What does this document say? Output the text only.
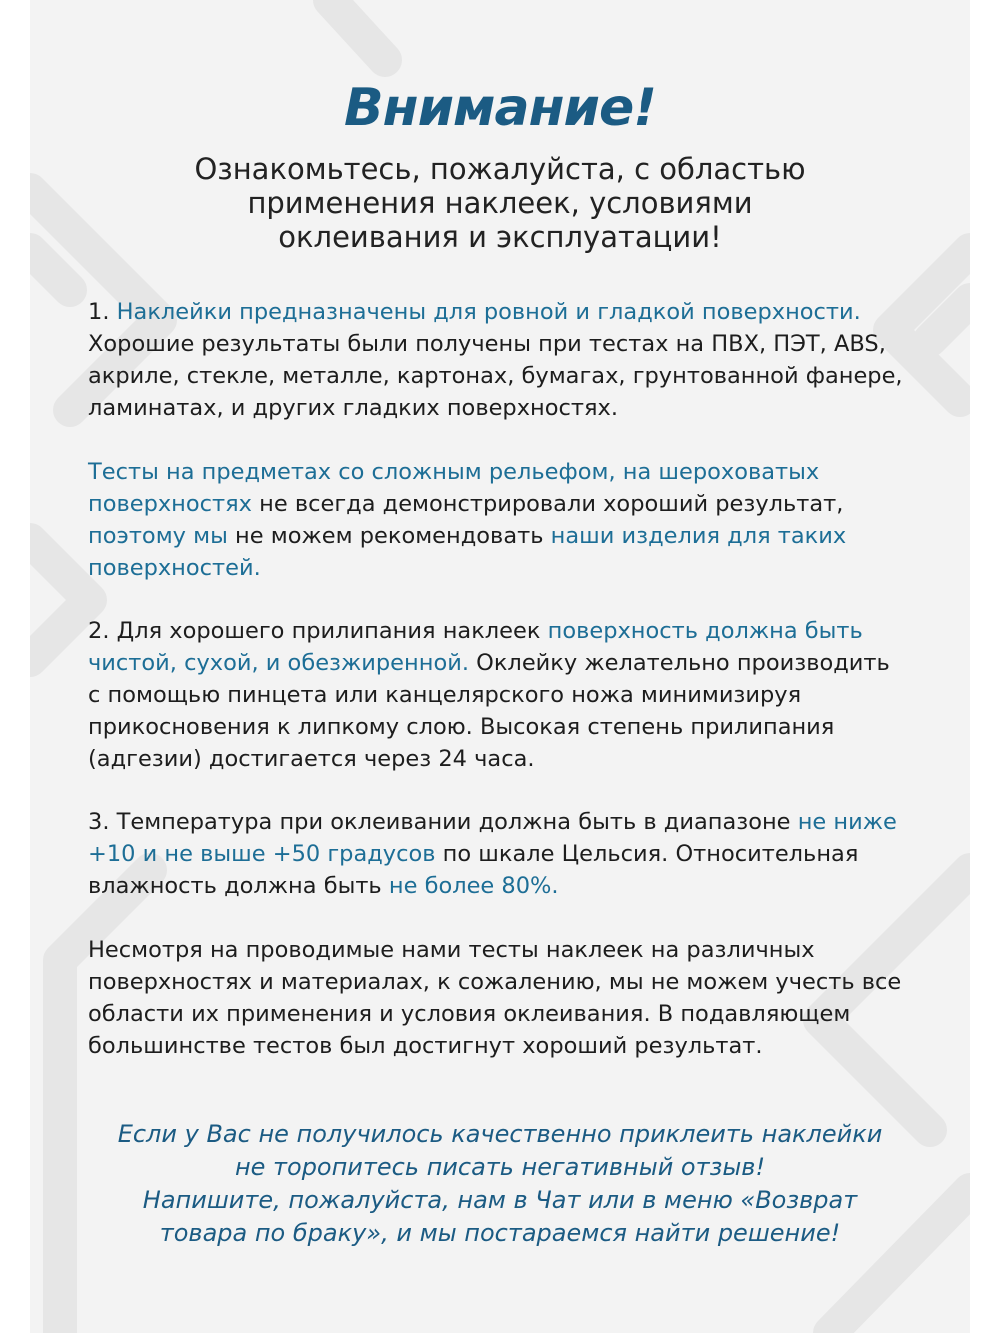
Внимание!
Ознакомьтесь, пожалуйста, с областью
применения наклеек, условиями
оклеивания и эксплуатации!
1. Наклейки предназначены для ровной и гладкой поверхности.
Хорошие результаты были получены при тестах на ПВХ, ПЭТ, ABS,
акриле, стекле, металле, картонах, бумагах, грунтованной фанере,
ламинатах, и других гладких поверхностях.
Тесты на предметах со сложным рельефом, на шероховатых
поверхностях не всегда демонстрировали хороший результат,
поэтому мы не можем рекомендовать наши изделия для таких
поверхностей.
2. Для хорошего прилипания наклеек поверхность должна быть
чистой, сухой, и обезжиренной. Оклейку желательно производить
с помощью пинцета или канцелярского ножа минимизируя
прикосновения к липкому слою. Высокая степень прилипания
(адгезии) достигается через 24 часа.
3. Температура при оклеивании должна быть в диапазоне не ниже
+10 и не выше +50 градусов по шкале Цельсия. Относительная
влажность должна быть не более 80%.
Несмотря на проводимые нами тесты наклеек на различных
поверхностях и материалах, к сожалению, мы не можем учесть все
области их применения и условия оклеивания. В подавляющем
большинстве тестов был достигнут хороший результат.
Если у Вас не получилось качественно приклеить наклейки
не торопитесь писать негативный отзыв!
Напишите, пожалуйста, нам в Чат или в меню «Возврат
товара по браку», и мы постараемся найти решение!
